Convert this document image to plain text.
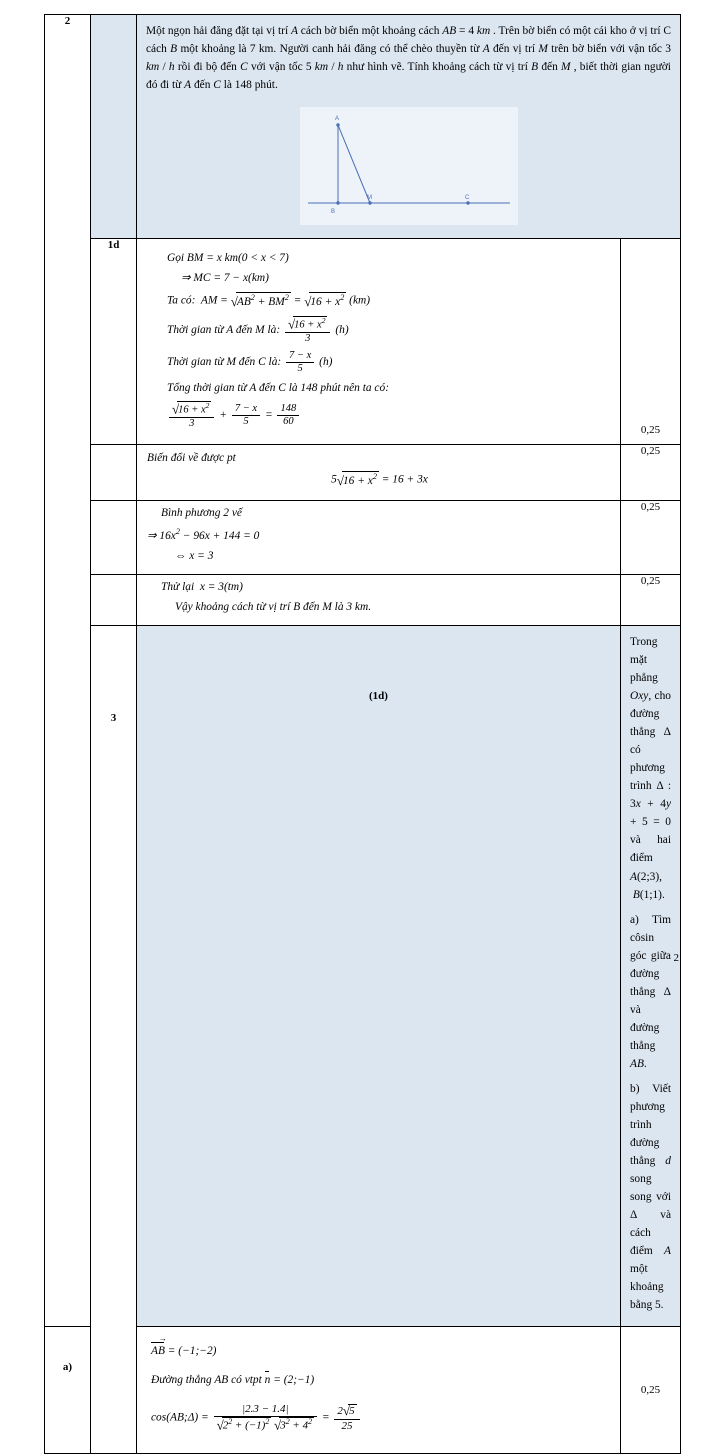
2		Một ngọn hải đăng đặt tại vị trí A cách bờ biển một khoảng cách AB = 4 km . Trên bờ biển có một cái kho ở vị trí C cách B một khoảng là 7 km. Người canh hải đăng có thể chèo thuyền từ A đến vị trí M trên bờ biển với vận tốc 3 km / h rồi đi bộ đến C với vận tốc 5 km / h như hình vẽ. Tính khoảng cách từ vị trí B đến M , biết thời gian người đó đi từ A đến C là 148 phút.
A
B
M C	

1d	
Gọi BM = x km(0 < x < 7)
⇒ MC = 7 − x(km)
Ta có:  AM = $√AB^2 + BM^2 = √16 + x^2$ (km)
Thời gian từ A đến M là: $\frac{√16 + x^2}{3} (h)$
Thời gian từ M đến C là: $\frac{7 - x}{5} (h)$
Tổng thời gian từ A đến C là 148 phút nên ta có:
$\frac{√16 + x^2}{3} + \frac{7 - x}{5} = \frac{148}{60}$
	0,25

		Biến đổi về được pt
$5√16 + x^2 = 16 + 3x$	0,25

		Bình phương 2 vế
⇒ $16x^2 - 96x + 144 = 0$
⇔ x = 3	0,25

		Thử lại  x = 3(tm)
Vậy khoảng cách từ vị trí B đến M là 3 km.	0,25
	3	(1d)	Trong mặt phẳng Oxy, cho đường thẳng Δ có phương trình Δ : 3x + 4y + 5 = 0 và hai điểm A(2;3),  B(1;1).
a) Tìm côsin góc giữa đường thẳng Δ và đường thẳng AB.
b) Viết phương trình đường thẳng d song song với Δ và cách điểm A một khoảng bằng 5.

a)	
AB = (−1;−2)
Đường thẳng AB có vtpt n = (2;−1)
cos(AB;Δ) = $\frac{|2.3 - 1.4|}{√2^2 + (-1)^2 √3^2 + 4^2} = \frac{2√5}{25}$
	0,25
2
